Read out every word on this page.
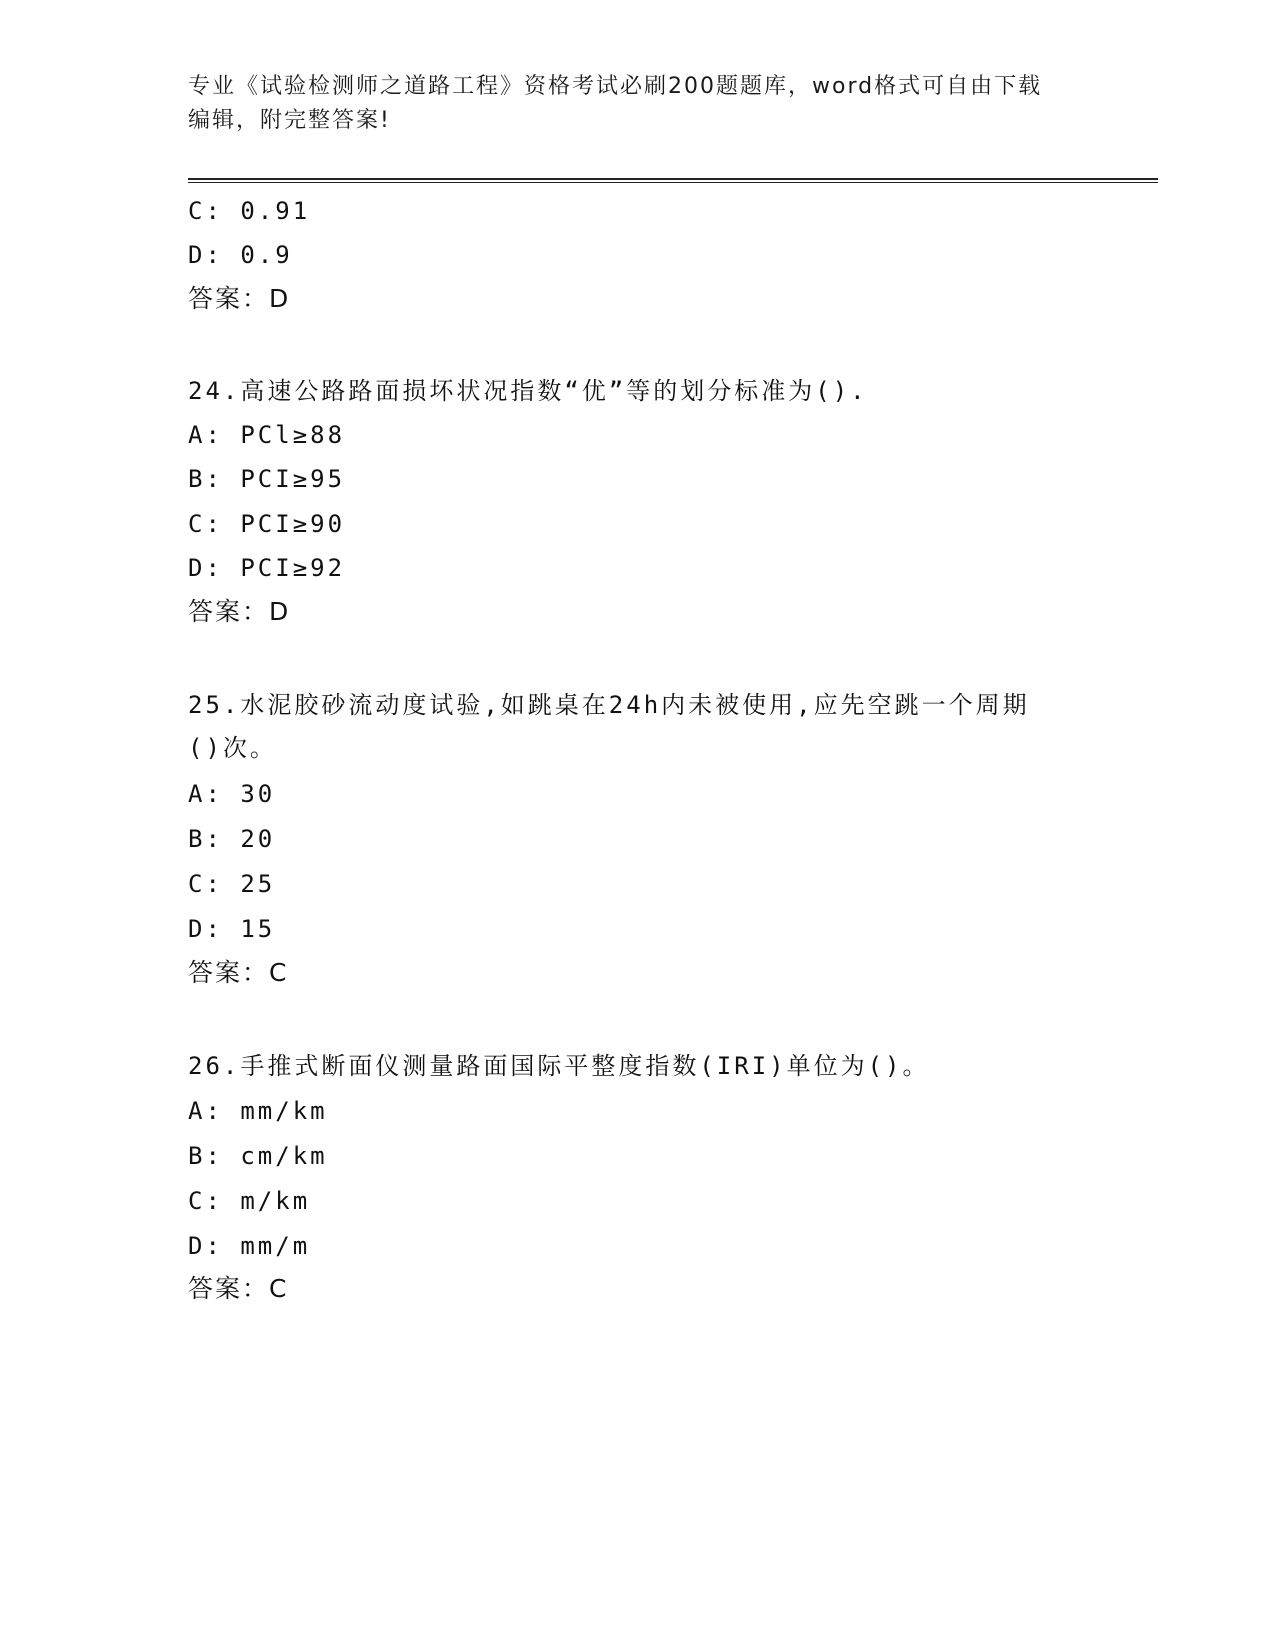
专业《试验检测师之道路工程》资格考试必刷200题题库，word格式可自由下载
编辑，附完整答案!
C: 0.91
D: 0.9
答案：D
24.高速公路路面损坏状况指数“优”等的划分标准为().
A: PCl≥88
B: PCI≥95
C: PCI≥90
D: PCI≥92
答案：D
25.水泥胶砂流动度试验,如跳桌在24h内未被使用,应先空跳一个周期
()次。
A: 30
B: 20
C: 25
D: 15
答案：C
26.手推式断面仪测量路面国际平整度指数(IRI)单位为()。
A: mm/km
B: cm/km
C: m/km
D: mm/m
答案：C
